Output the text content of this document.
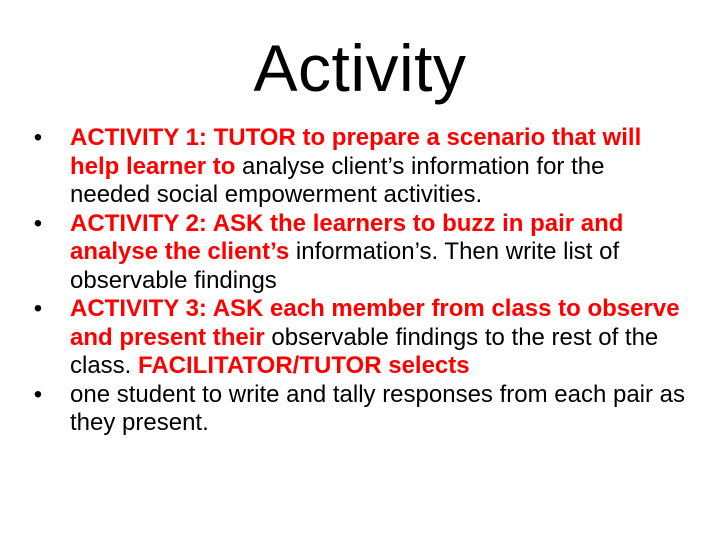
Activity
• ACTIVITY 1: TUTOR to prepare a scenario that will help learner to analyse client’s information for the needed social empowerment activities.
• ACTIVITY 2: ASK the learners to buzz in pair and analyse the client’s information’s. Then write list of observable findings
• ACTIVITY 3: ASK each member from class to observe and present their observable findings to the rest of the class. FACILITATOR/TUTOR selects
• one student to write and tally responses from each pair as they present.
